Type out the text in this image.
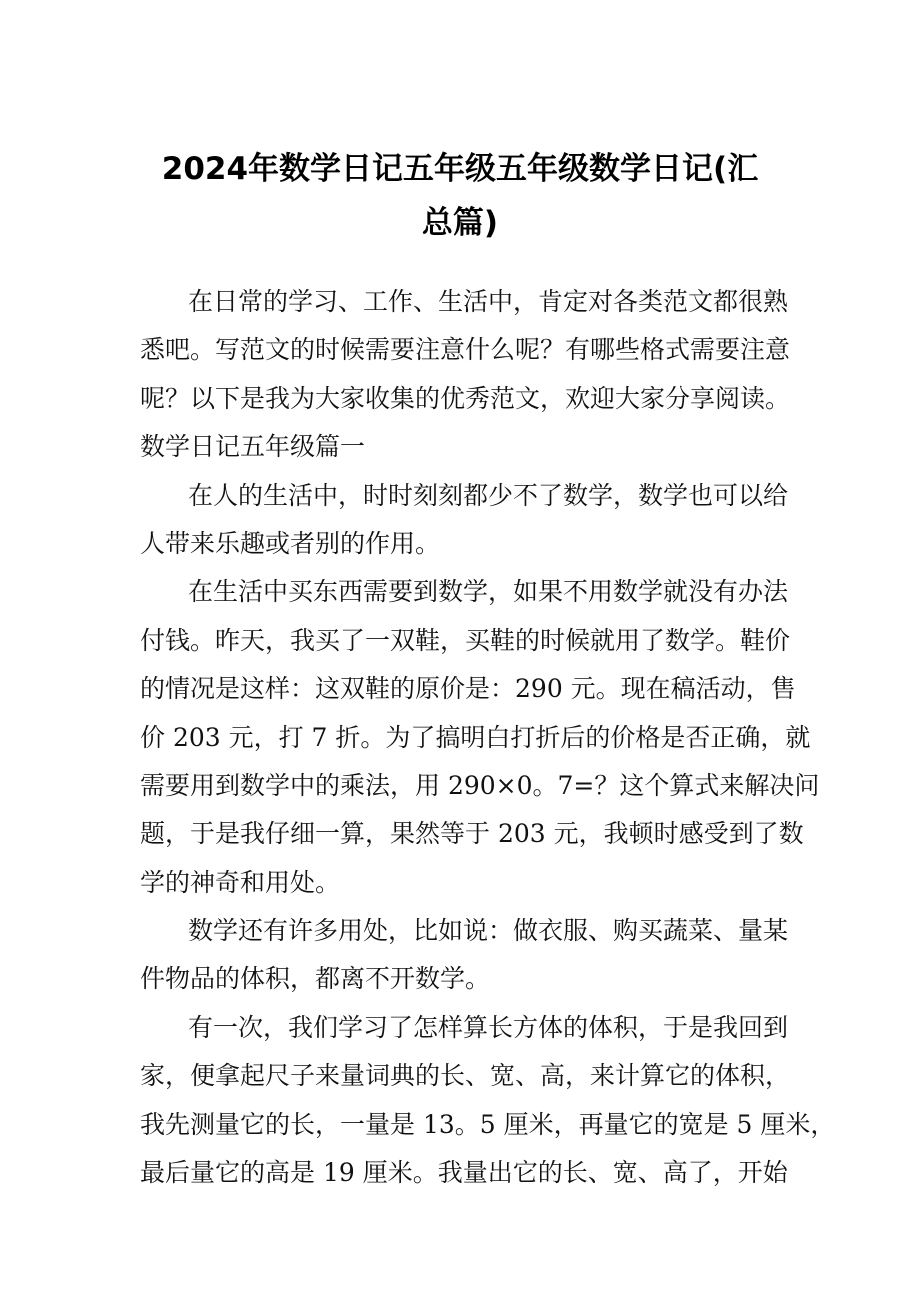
2024年数学日记五年级五年级数学日记(汇
总篇)
在日常的学习、工作、生活中，肯定对各类范文都很熟
悉吧。写范文的时候需要注意什么呢？有哪些格式需要注意
呢？以下是我为大家收集的优秀范文，欢迎大家分享阅读。
数学日记五年级篇一
在人的生活中，时时刻刻都少不了数学，数学也可以给
人带来乐趣或者别的作用。
在生活中买东西需要到数学，如果不用数学就没有办法
付钱。昨天，我买了一双鞋，买鞋的时候就用了数学。鞋价
的情况是这样：这双鞋的原价是：290 元。现在稿活动，售
价 203 元，打 7 折。为了搞明白打折后的价格是否正确，就
需要用到数学中的乘法，用 290×0。7=？这个算式来解决问
题，于是我仔细一算，果然等于 203 元，我顿时感受到了数
学的神奇和用处。
数学还有许多用处，比如说：做衣服、购买蔬菜、量某
件物品的体积，都离不开数学。
有一次，我们学习了怎样算长方体的体积，于是我回到
家，便拿起尺子来量词典的长、宽、高，来计算它的体积，
我先测量它的长，一量是 13。5 厘米，再量它的宽是 5 厘米，
最后量它的高是 19 厘米。我量出它的长、宽、高了，开始
